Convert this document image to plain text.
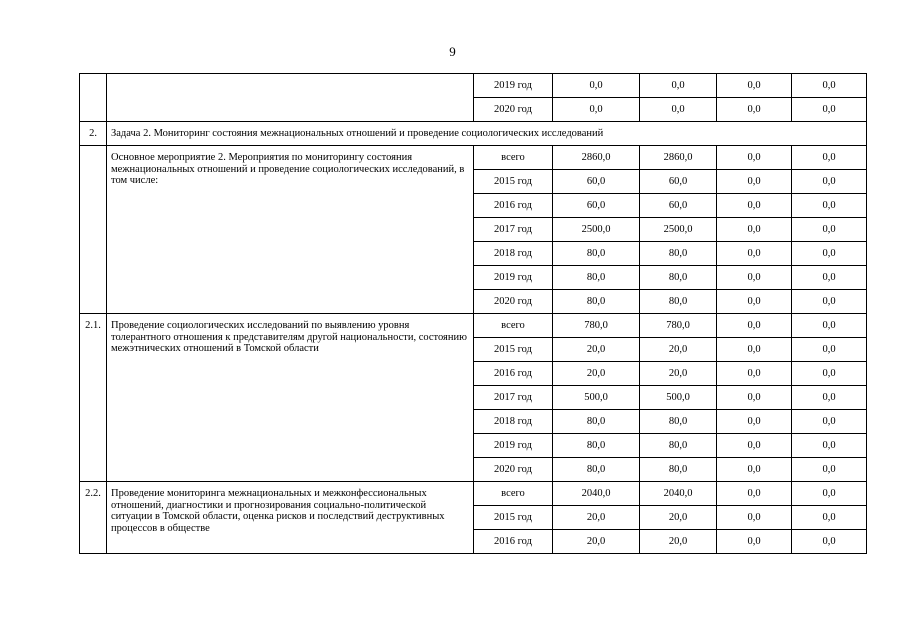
9
		2019 год	0,0	0,0	0,0	0,0
		2020 год	0,0	0,0	0,0	0,0
2.	Задача 2. Мониторинг состояния межнациональных отношений и проведение социологических исследований					
	Основное мероприятие 2. Мероприятия по мониторингу состояния межнациональных отношений и проведение социологических исследований, в том числе:	всего	2860,0	2860,0	0,0	0,0
		2015 год	60,0	60,0	0,0	0,0
		2016 год	60,0	60,0	0,0	0,0
		2017 год	2500,0	2500,0	0,0	0,0
		2018 год	80,0	80,0	0,0	0,0
		2019 год	80,0	80,0	0,0	0,0
		2020 год	80,0	80,0	0,0	0,0
2.1.	Проведение социологических исследований по выявлению уровня толерантного отношения к представителям другой национальности, состоянию межэтнических отношений в Томской области	всего	780,0	780,0	0,0	0,0
		2015 год	20,0	20,0	0,0	0,0
		2016 год	20,0	20,0	0,0	0,0
		2017 год	500,0	500,0	0,0	0,0
		2018 год	80,0	80,0	0,0	0,0
		2019 год	80,0	80,0	0,0	0,0
		2020 год	80,0	80,0	0,0	0,0
2.2.	Проведение мониторинга межнациональных и межконфессиональных отношений, диагностики и прогнозирования социально-политической ситуации в Томской области, оценка рисков и последствий деструктивных процессов в обществе	всего	2040,0	2040,0	0,0	0,0
		2015 год	20,0	20,0	0,0	0,0
		2016 год	20,0	20,0	0,0	0,0
